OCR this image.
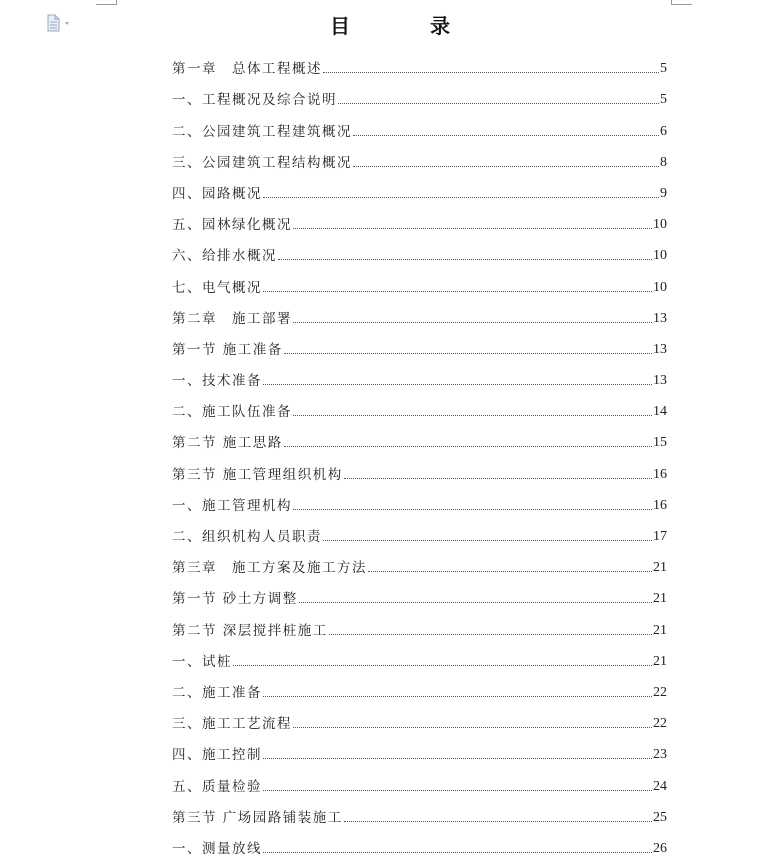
目　录
第一章　总体工程概述	5
一、工程概况及综合说明	5
二、公园建筑工程建筑概况	6
三、公园建筑工程结构概况	8
四、园路概况	9
五、园林绿化概况	10
六、给排水概况	10
七、电气概况	10
第二章　施工部署	13
第一节 施工准备	13
一、技术准备	13
二、施工队伍准备	14
第二节 施工思路	15
第三节 施工管理组织机构	16
一、施工管理机构	16
二、组织机构人员职责	17
第三章　施工方案及施工方法	21
第一节 砂土方调整	21
第二节 深层搅拌桩施工	21
一、试桩	21
二、施工准备	22
三、施工工艺流程	22
四、施工控制	23
五、质量检验	24
第三节 广场园路铺装施工	25
一、测量放线	26
